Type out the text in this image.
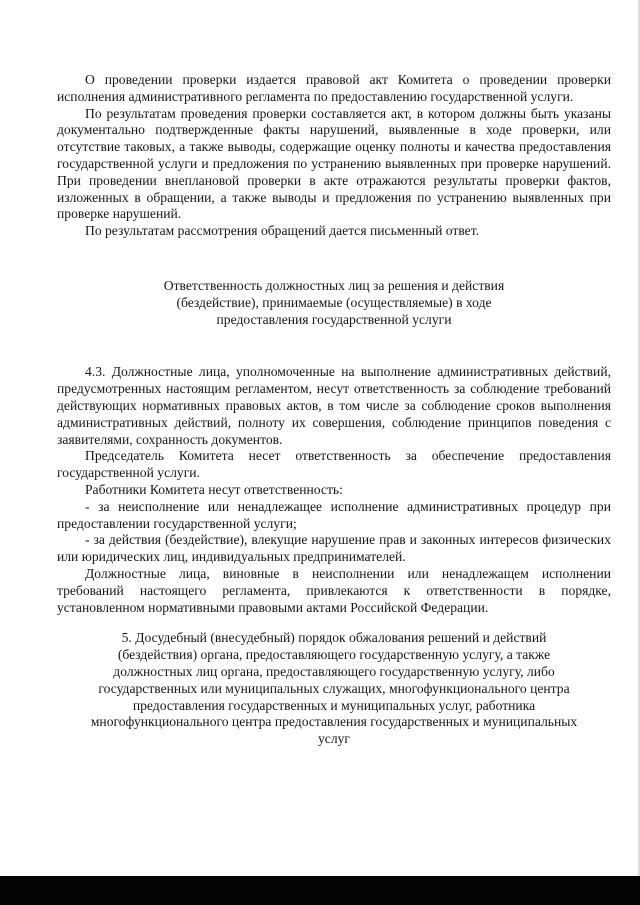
О проведении проверки издается правовой акт Комитета о проведении проверки исполнения административного регламента по предоставлению государственной услуги.

По результатам проведения проверки составляется акт, в котором должны быть указаны документально подтвержденные факты нарушений, выявленные в ходе проверки, или отсутствие таковых, а также выводы, содержащие оценку полноты и качества предоставления государственной услуги и предложения по устранению выявленных при проверке нарушений. При проведении внеплановой проверки в акте отражаются результаты проверки фактов, изложенных в обращении, а также выводы и предложения по устранению выявленных при проверке нарушений.

По результатам рассмотрения обращений дается письменный ответ.

Ответственность должностных лиц за решения и действия
(бездействие), принимаемые (осуществляемые) в ходе
предоставления государственной услуги

4.3. Должностные лица, уполномоченные на выполнение административных действий, предусмотренных настоящим регламентом, несут ответственность за соблюдение требований действующих нормативных правовых актов, в том числе за соблюдение сроков выполнения административных действий, полноту их совершения, соблюдение принципов поведения с заявителями, сохранность документов.

Председатель Комитета несет ответственность за обеспечение предоставления государственной услуги.

Работники Комитета несут ответственность:

- за неисполнение или ненадлежащее исполнение административных процедур при предоставлении государственной услуги;

- за действия (бездействие), влекущие нарушение прав и законных интересов физических или юридических лиц, индивидуальных предпринимателей.

Должностные лица, виновные в неисполнении или ненадлежащем исполнении требований настоящего регламента, привлекаются к ответственности в порядке, установленном нормативными правовыми актами Российской Федерации.

5. Досудебный (внесудебный) порядок обжалования решений и действий
(бездействия) органа, предоставляющего государственную услугу, а также
должностных лиц органа, предоставляющего государственную услугу, либо
государственных или муниципальных служащих, многофункционального центра
предоставления государственных и муниципальных услуг, работника
многофункционального центра предоставления государственных и муниципальных
услуг
